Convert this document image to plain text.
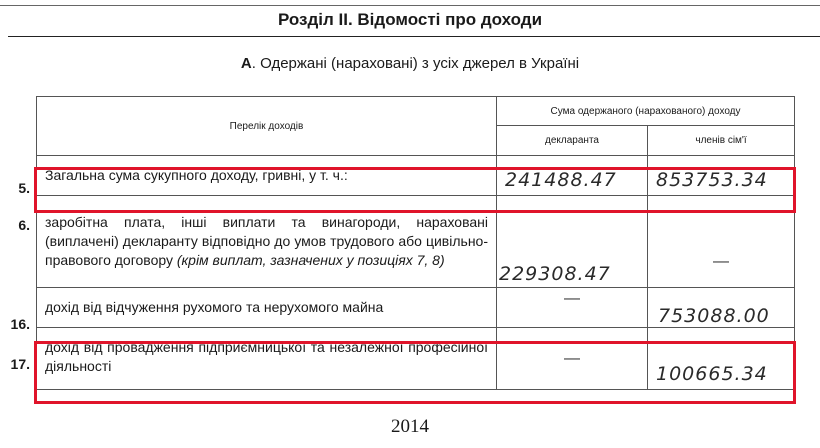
Розділ II. Відомості про доходи
А. Одержані (нараховані) з усіх джерел в Україні
5.
6.
16.
17.
Перелік доходів	Сума одержаного (нарахованого) доходу	
	декларанта	членів сім'ї
Загальна сума сукупного доходу, гривні, у т. ч.:	241488.47	853753.34

заробітна плата, інші виплати та винагороди, нараховані (виплачені) декларанту відповідно до умов трудового або цивільно-правового договору (крім виплат, зазначених у позиціях 7, 8)	229308.47	—

дохід від відчуження рухомого та нерухомого майна	—	753088.00

дохід від провадження підприємницької та незалежної професійної діяльності	—	100665.34
2014
